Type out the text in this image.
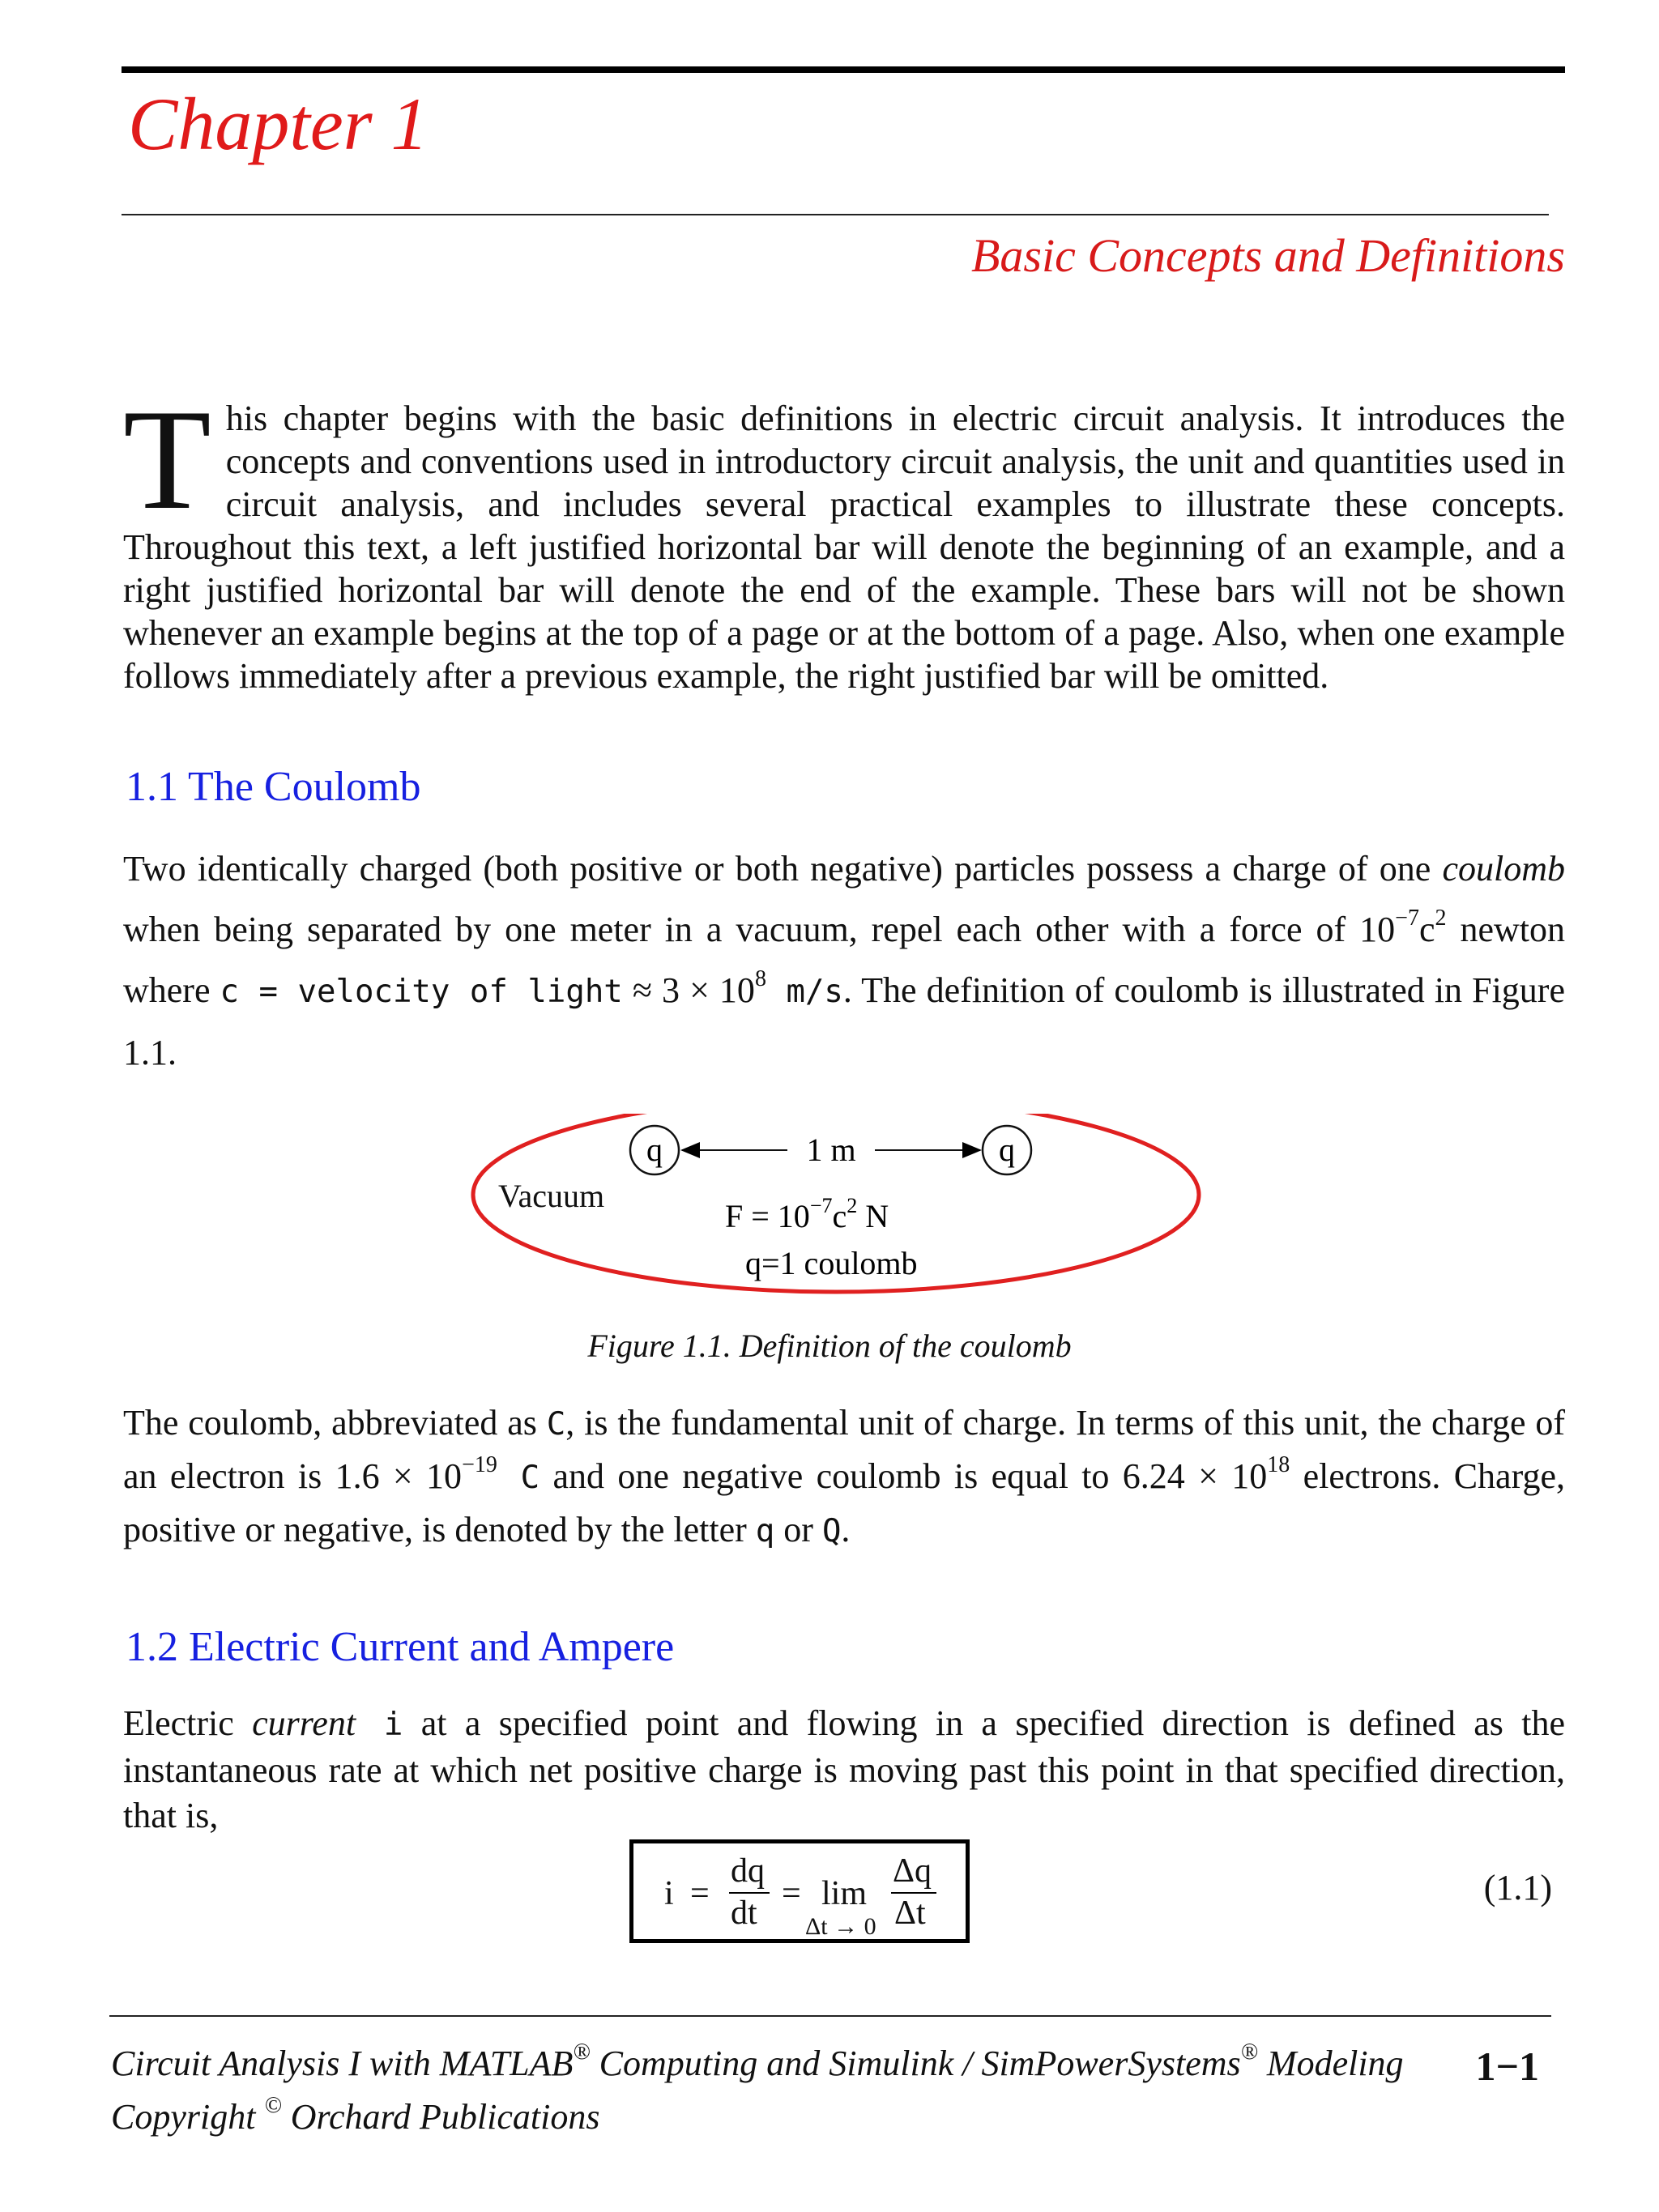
Chapter 1
Basic Concepts and Definitions
T his chapter begins with the basic definitions in electric circuit analysis. It introduces the concepts and conventions used in introductory circuit analysis, the unit and quantities used in circuit analysis, and includes several practical examples to illustrate these concepts. Throughout this text, a left justified horizontal bar will denote the beginning of an example, and a right justified horizontal bar will denote the end of the example. These bars will not be shown whenever an example begins at the top of a page or at the bottom of a page. Also, when one example follows immediately after a previous example, the right justified bar will be omitted.
1.1 The Coulomb
Two identically charged (both positive or both negative) particles possess a charge of one coulomb when being separated by one meter in a vacuum, repel each other with a force of $10^{-7}c^2$ newton where c = velocity of light ≈ $3 \times 10^8$ m/s. The definition of coulomb is illustrated in Figure 1.1.
Vacuum
q	q
1 m
$F = 10^{-7}c^2$ N
q=1 coulomb
Figure 1.1. Definition of the coulomb
The coulomb, abbreviated as C, is the fundamental unit of charge. In terms of this unit, the charge of an electron is $1.6 \times 10^{-19}$ C and one negative coulomb is equal to $6.24 \times 10^{18}$ electrons. Charge, positive or negative, is denoted by the letter q or Q.
1.2 Electric Current and Ampere
Electric current i at a specified point and flowing in a specified direction is defined as the instantaneous rate at which net positive charge is moving past this point in that specified direction, that is,
i =
dq
dt
= lim
Δt → 0
Δq
Δt
(1.1)
Circuit Analysis I with MATLAB® Computing and Simulink / SimPowerSystems® Modeling
Copyright © Orchard Publications
1−1
